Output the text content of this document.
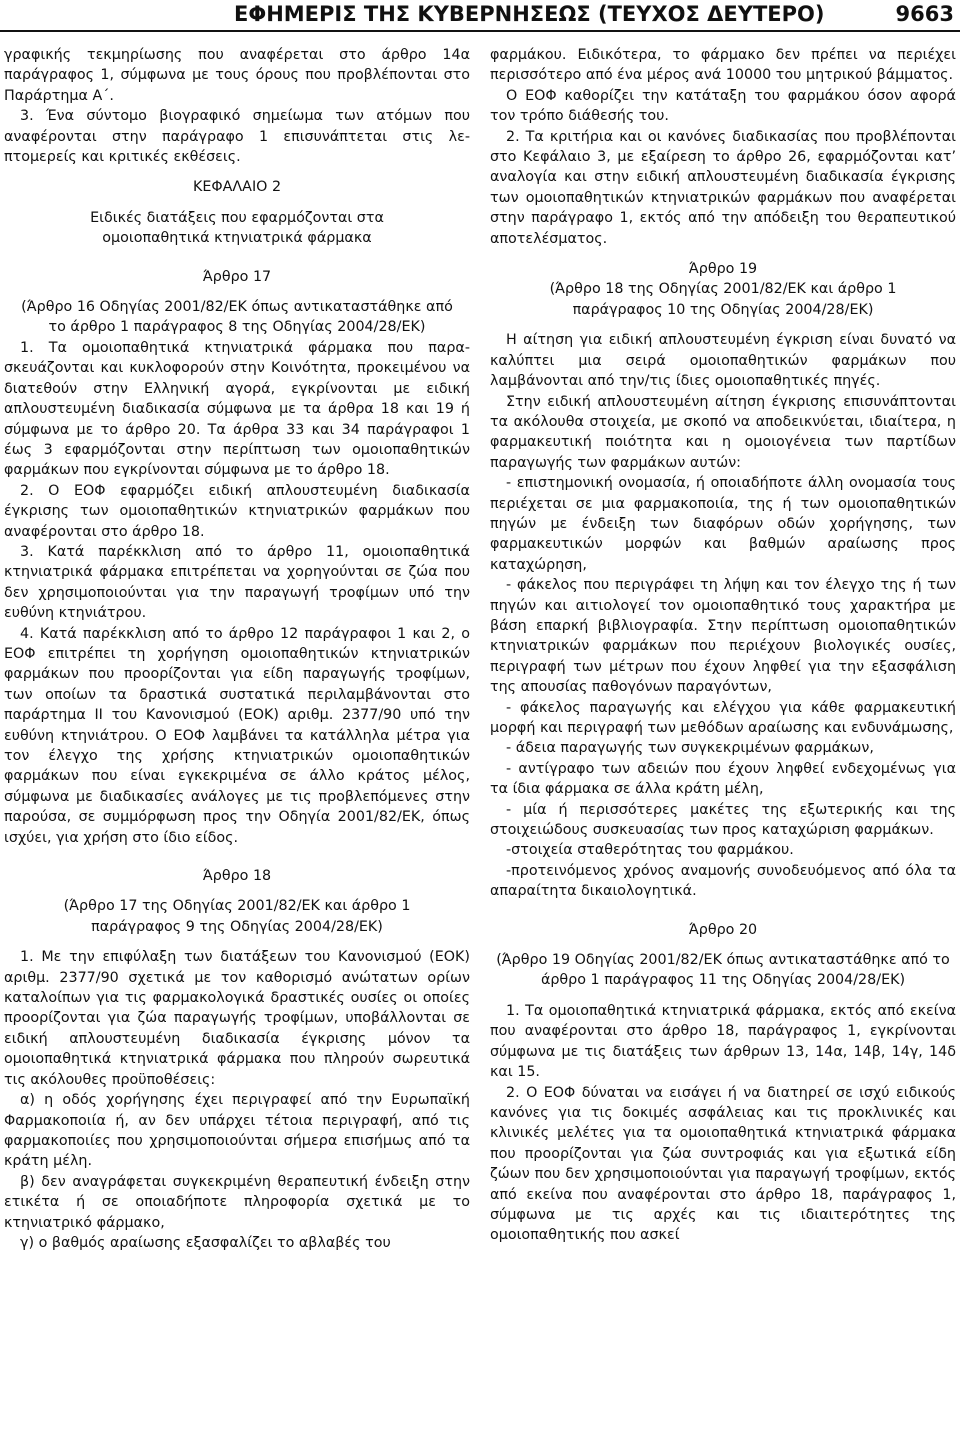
ΕΦΗΜΕΡΙΣ ΤΗΣ ΚΥΒΕΡΝΗΣΕΩΣ (ΤΕΥΧΟΣ ΔΕΥΤΕΡΟ)	9663

γραφικής τεκμηρίωσης που αναφέρεται στο άρθρο 14α παράγραφος 1, σύμφωνα με τους όρους που προβλέπονται στο Παράρτημα Α΄.

3. Ένα σύντομο βιογραφικό σημείωμα των ατόμων που αναφέρονται στην παράγραφο 1 επισυνάπτεται στις λεπτομερείς και κριτικές εκθέσεις.

ΚΕΦΑΛΑΙΟ 2

Ειδικές διατάξεις που εφαρμόζονται στα ομοιοπαθητικά κτηνιατρικά φάρμακα

Άρθρο 17

(Άρθρο 16 Οδηγίας 2001/82/ΕΚ όπως αντικαταστάθηκε από το άρθρο 1 παράγραφος 8 της Οδηγίας 2004/28/ΕΚ)

1. Τα ομοιοπαθητικά κτηνιατρικά φάρμακα που παρασκευάζονται και κυκλοφορούν στην Κοινότητα, προκειμένου να διατεθούν στην Ελληνική αγορά, εγκρίνονται με ειδική απλουστευμένη διαδικασία σύμφωνα με τα άρθρα 18 και 19 ή σύμφωνα με το άρθρο 20. Τα άρθρα 33 και 34 παράγραφοι 1 έως 3 εφαρμόζονται στην περίπτωση των ομοιοπαθητικών φαρμάκων που εγκρίνονται σύμφωνα με το άρθρο 18.

2. Ο ΕΟΦ εφαρμόζει ειδική απλουστευμένη διαδικασία έγκρισης των ομοιοπαθητικών κτηνιατρικών φαρμάκων που αναφέρονται στο άρθρο 18.

3. Κατά παρέκκλιση από το άρθρο 11, ομοιοπαθητικά κτηνιατρικά φάρμακα επιτρέπεται να χορηγούνται σε ζώα που δεν χρησιμοποιούνται για την παραγωγή τροφίμων υπό την ευθύνη κτηνιάτρου.

4. Κατά παρέκκλιση από το άρθρο 12 παράγραφοι 1 και 2, ο ΕΟΦ επιτρέπει τη χορήγηση ομοιοπαθητικών κτηνιατρικών φαρμάκων που προορίζονται για είδη παραγωγής τροφίμων, των οποίων τα δραστικά συστατικά περιλαμβάνονται στο παράρτημα ΙΙ του Κανονισμού (ΕΟΚ) αριθμ. 2377/90 υπό την ευθύνη κτηνιάτρου. Ο ΕΟΦ λαμβάνει τα κατάλληλα μέτρα για τον έλεγχο της χρήσης κτηνιατρικών ομοιοπαθητικών φαρμάκων που είναι εγκεκριμένα σε άλλο κράτος μέλος, σύμφωνα με διαδικασίες ανάλογες με τις προβλεπόμενες στην παρούσα, σε συμμόρφωση προς την Οδηγία 2001/82/ΕΚ, όπως ισχύει, για χρήση στο ίδιο είδος.

Άρθρο 18

(Άρθρο 17 της Οδηγίας 2001/82/ΕΚ και άρθρο 1 παράγραφος 9 της Οδηγίας 2004/28/ΕΚ)

1. Με την επιφύλαξη των διατάξεων του Κανονισμού (ΕΟΚ) αριθμ. 2377/90 σχετικά με τον καθορισμό ανώτατων ορίων καταλοίπων για τις φαρμακολογικά δραστικές ουσίες οι οποίες προορίζονται για ζώα παραγωγής τροφίμων, υποβάλλονται σε ειδική απλουστευμένη διαδικασία έγκρισης μόνον τα ομοιοπαθητικά κτηνιατρικά φάρμακα που πληρούν σωρευτικά τις ακόλουθες προϋποθέσεις:

α) η οδός χορήγησης έχει περιγραφεί από την Ευρωπαϊκή Φαρμακοποιία ή, αν δεν υπάρχει τέτοια περιγραφή, από τις φαρμακοποιίες που χρησιμοποιούνται σήμερα επισήμως από τα κράτη μέλη.

β) δεν αναγράφεται συγκεκριμένη θεραπευτική ένδειξη στην ετικέτα ή σε οποιαδήποτε πληροφορία σχετικά με το κτηνιατρικό φάρμακο,

γ) ο βαθμός αραίωσης εξασφαλίζει το αβλαβές του

φαρμάκου. Ειδικότερα, το φάρμακο δεν πρέπει να περιέχει περισσότερο από ένα μέρος ανά 10000 του μητρικού βάμματος.

Ο ΕΟΦ καθορίζει την κατάταξη του φαρμάκου όσον αφορά τον τρόπο διάθεσής του.

2. Τα κριτήρια και οι κανόνες διαδικασίας που προβλέπονται στο Κεφάλαιο 3, με εξαίρεση το άρθρο 26, εφαρμόζονται κατ’ αναλογία και στην ειδική απλουστευμένη διαδικασία έγκρισης των ομοιοπαθητικών κτηνιατρικών φαρμάκων που αναφέρεται στην παράγραφο 1, εκτός από την απόδειξη του θεραπευτικού αποτελέσματος.

Άρθρο 19

(Άρθρο 18 της Οδηγίας 2001/82/ΕΚ και άρθρο 1 παράγραφος 10 της Οδηγίας 2004/28/ΕΚ)

Η αίτηση για ειδική απλουστευμένη έγκριση είναι δυνατό να καλύπτει μια σειρά ομοιοπαθητικών φαρμάκων που λαμβάνονται από την/τις ίδιες ομοιοπαθητικές πηγές.

Στην ειδική απλουστευμένη αίτηση έγκρισης επισυνάπτονται τα ακόλουθα στοιχεία, με σκοπό να αποδεικνύεται, ιδιαίτερα, η φαρμακευτική ποιότητα και η ομοιογένεια των παρτίδων παραγωγής των φαρμάκων αυτών:

- επιστημονική ονομασία, ή οποιαδήποτε άλλη ονομασία τους περιέχεται σε μια φαρμακοποιία, της ή των ομοιοπαθητικών πηγών με ένδειξη των διαφόρων οδών χορήγησης, των φαρμακευτικών μορφών και βαθμών αραίωσης προς καταχώρηση,

- φάκελος που περιγράφει τη λήψη και τον έλεγχο της ή των πηγών και αιτιολογεί τον ομοιοπαθητικό τους χαρακτήρα με βάση επαρκή βιβλιογραφία. Στην περίπτωση ομοιοπαθητικών κτηνιατρικών φαρμάκων που περιέχουν βιολογικές ουσίες, περιγραφή των μέτρων που έχουν ληφθεί για την εξασφάλιση της απουσίας παθογόνων παραγόντων,

- φάκελος παραγωγής και ελέγχου για κάθε φαρμακευτική μορφή και περιγραφή των μεθόδων αραίωσης και ενδυνάμωσης,

- άδεια παραγωγής των συγκεκριμένων φαρμάκων,

- αντίγραφο των αδειών που έχουν ληφθεί ενδεχομένως για τα ίδια φάρμακα σε άλλα κράτη μέλη,

- μία ή περισσότερες μακέτες της εξωτερικής και της στοιχειώδους συσκευασίας των προς καταχώριση φαρμάκων.

-στοιχεία σταθερότητας του φαρμάκου.

-προτεινόμενος χρόνος αναμονής συνοδευόμενος από όλα τα απαραίτητα δικαιολογητικά.

Άρθρο 20

(Άρθρο 19 Οδηγίας 2001/82/ΕΚ όπως αντικαταστάθηκε από το άρθρο 1 παράγραφος 11 της Οδηγίας 2004/28/ΕΚ)

1. Τα ομοιοπαθητικά κτηνιατρικά φάρμακα, εκτός από εκείνα που αναφέρονται στο άρθρο 18, παράγραφος 1, εγκρίνονται σύμφωνα με τις διατάξεις των άρθρων 13, 14α, 14β, 14γ, 14δ και 15.

2. Ο ΕΟΦ δύναται να εισάγει ή να διατηρεί σε ισχύ ειδικούς κανόνες για τις δοκιμές ασφάλειας και τις προκλινικές και κλινικές μελέτες για τα ομοιοπαθητικά κτηνιατρικά φάρμακα που προορίζονται για ζώα συντροφιάς και για εξωτικά είδη ζώων που δεν χρησιμοποιούνται για παραγωγή τροφίμων, εκτός από εκείνα που αναφέρονται στο άρθρο 18, παράγραφος 1, σύμφωνα με τις αρχές και τις ιδιαιτερότητες της ομοιοπαθητικής που ασκεί
